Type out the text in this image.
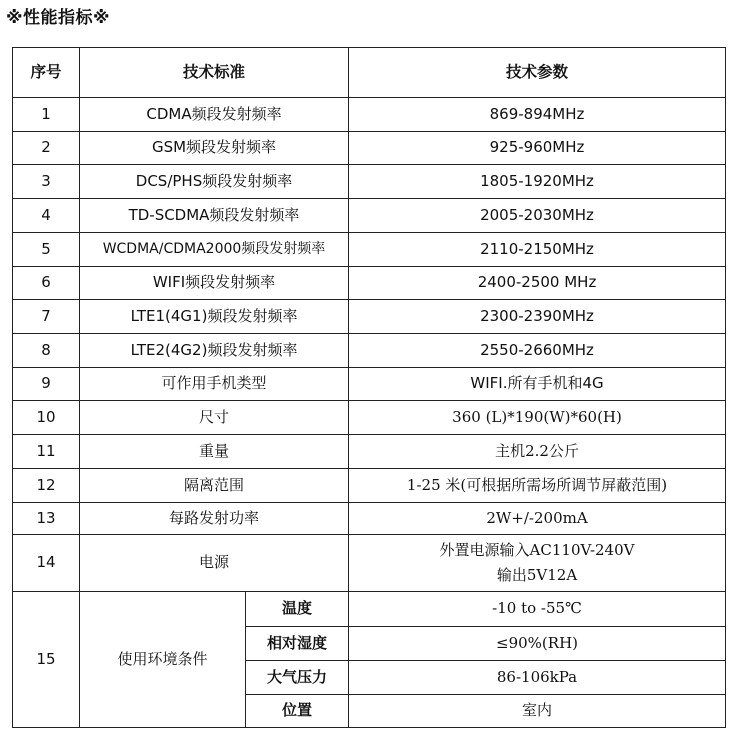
※性能指标※
序号	技术标准		技术参数
1	CDMA频段发射频率		869-894MHz
2	GSM频段发射频率		925-960MHz
3	DCS/PHS频段发射频率		1805-1920MHz
4	TD-SCDMA频段发射频率		2005-2030MHz
5	WCDMA/CDMA2000频段发射频率		2110-2150MHz
6	WIFI频段发射频率		2400-2500 MHz
7	LTE1(4G1)频段发射频率		2300-2390MHz
8	LTE2(4G2)频段发射频率		2550-2660MHz
9	可作用手机类型		WIFI.所有手机和4G
10	尺寸		360 (L)*190(W)*60(H)
11	重量		主机2.2公斤
12	隔离范围		1-25 米(可根据所需场所调节屏蔽范围)
13	每路发射功率		2W+/-200mA
14	电源		外置电源输入AC110V-240V
输出5V12A

15	使用环境条件	温度	-10 to -55℃
		相对湿度	≤90%(RH)
		大气压力	86-106kPa
		位置	室内
